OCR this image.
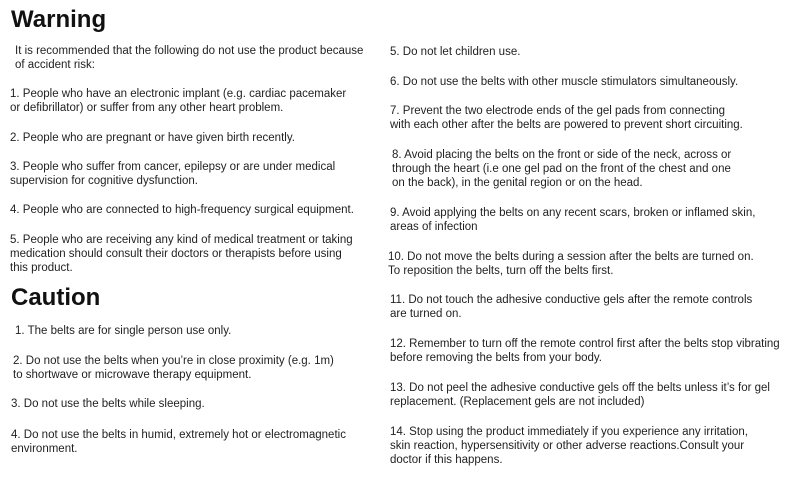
Warning

It is recommended that the following do not use the product because
of accident risk:

1. People who have an electronic implant (e.g. cardiac pacemaker
or defibrillator) or suffer from any other heart problem.

2. People who are pregnant or have given birth recently.

3. People who suffer from cancer, epilepsy or are under medical
supervision for cognitive dysfunction.

4. People who are connected to high-frequency surgical equipment.

5. People who are receiving any kind of medical treatment or taking
medication should consult their doctors or therapists before using
this product.

Caution

1. The belts are for single person use only.

2. Do not use the belts when you’re in close proximity (e.g. 1m)
to shortwave or microwave therapy equipment.

3. Do not use the belts while sleeping.

4. Do not use the belts in humid, extremely hot or electromagnetic
environment.

5. Do not let children use.

6. Do not use the belts with other muscle stimulators simultaneously.

7. Prevent the two electrode ends of the gel pads from connecting
with each other after the belts are powered to prevent short circuiting.

8. Avoid placing the belts on the front or side of the neck, across or
through the heart (i.e one gel pad on the front of the chest and one
on the back), in the genital region or on the head.

9. Avoid applying the belts on any recent scars, broken or inflamed skin,
areas of infection

10. Do not move the belts during a session after the belts are turned on.
To reposition the belts, turn off the belts first.

11. Do not touch the adhesive conductive gels after the remote controls
are turned on.

12. Remember to turn off the remote control first after the belts stop vibrating
before removing the belts from your body.

13. Do not peel the adhesive conductive gels off the belts unless it’s for gel
replacement. (Replacement gels are not included)

14. Stop using the product immediately if you experience any irritation,
skin reaction, hypersensitivity or other adverse reactions.Consult your
doctor if this happens.
